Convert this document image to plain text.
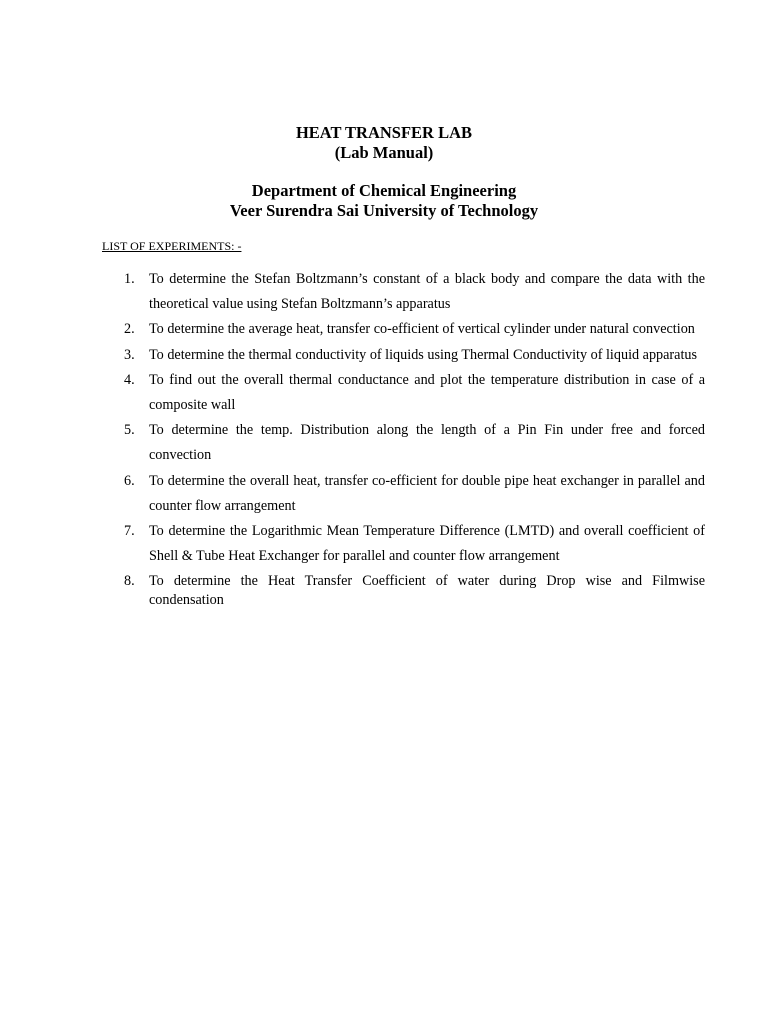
HEAT TRANSFER LAB
(Lab Manual)
Department of Chemical Engineering
Veer Surendra Sai University of Technology
LIST OF EXPERIMENTS: -
1. To determine the Stefan Boltzmann’s constant of a black body and compare the data with the theoretical value using Stefan Boltzmann’s apparatus
2. To determine the average heat, transfer co-efficient of vertical cylinder under natural convection
3. To determine the thermal conductivity of liquids using Thermal Conductivity of liquid apparatus
4. To find out the overall thermal conductance and plot the temperature distribution in case of a composite wall
5. To determine the temp. Distribution along the length of a Pin Fin under free and forced convection
6. To determine the overall heat, transfer co-efficient for double pipe heat exchanger in parallel and counter flow arrangement
7. To determine the Logarithmic Mean Temperature Difference (LMTD) and overall coefficient of Shell & Tube Heat Exchanger for parallel and counter flow arrangement
8. To determine the Heat Transfer Coefficient of water during Drop wise and Filmwise condensation
